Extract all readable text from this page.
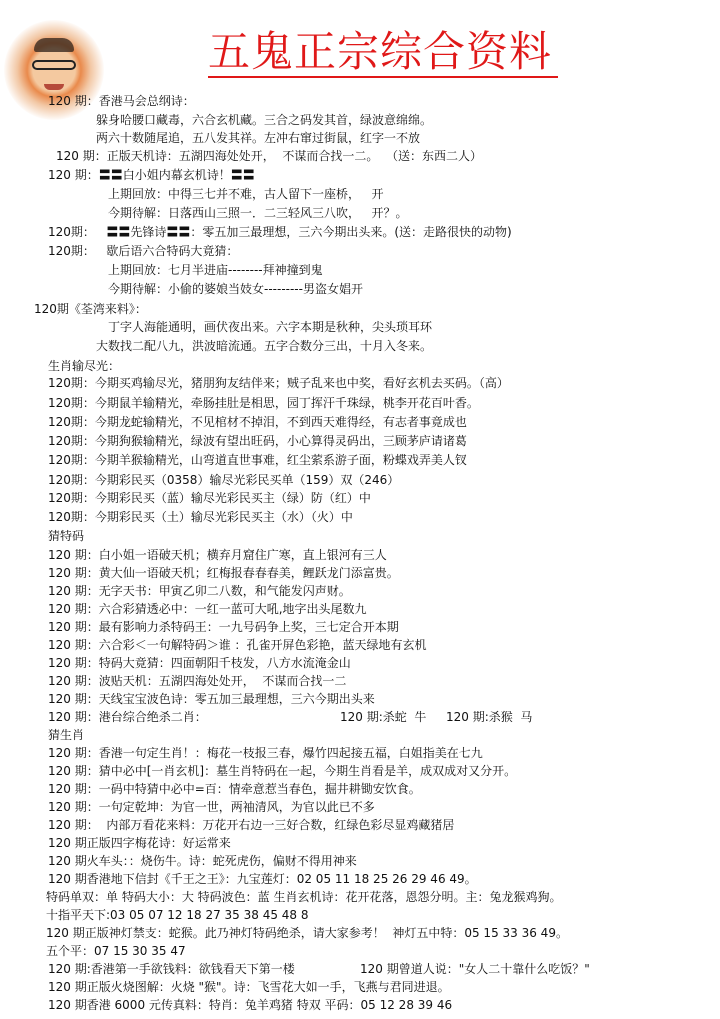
五鬼正宗综合资料
120 期：香港马会总纲诗：
躲身哈腰口藏毒，六合玄机藏。三合之码发其首，绿波意绵绵。
两六十数随尾追，五八发其祥。左冲右窜过街鼠，红字一不放
120 期：正版天机诗：五湖四海处处开，  不谋而合找一二。  （送：东西二人）
120 期：〓〓白小姐内幕玄机诗！〓〓
上期回放：中得三七并不难，古人留下一座桥，   开
今期待解：日落西山三照一．二三轻风三八吹，   开？。
120期：   〓〓先锋诗〓〓：零五加三最理想，三六今期出头来。(送：走路很快的动物)
120期：   歇后语六合特码大竟猜：
上期回放：七月半进庙--------拜神撞到鬼
今期待解：小偷的婆娘当妓女---------男盗女娼开
120期《荃湾来料》：
丁字人海能通明，画伏夜出来。六字本期是秋种，尖头琐耳环
大数找二配八九，洪波暗流通。五字合数分三出，十月入冬来。
生肖输尽光：
120期：今期买鸡输尽光，猪朋狗友结伴来；贼子乱来也中奖，看好玄机去买码。（高）
120期：今期鼠羊输精光，牵肠挂肚是相思，园丁挥汗千珠绿，桃李开花百叶香。
120期：今期龙蛇输精光，不见棺材不掉泪，不到西天难得经，有志者事竟成也
120期：今期狗猴输精光，绿波有望出旺码，小心算得灵码出，三顾茅庐请诸葛
120期：今期羊猴输精光，山弯道直世事难，红尘萦系游子面，粉蝶戏弄美人钗
120期：今期彩民买（0358）输尽光彩民买单（159）双（246）
120期：今期彩民买（蓝）输尽光彩民买主（绿）防（红）中
120期：今期彩民买（土）输尽光彩民买主（水）（火）中
猜特码
120 期：白小姐一语破天机；横弃月窟住广寒，直上银河有三人
120 期：黄大仙一语破天机；红梅报春春春美，鲤跃龙门添富贵。
120 期：无字天书：甲寅乙卯二八数，和气能发闪声财。
120 期：六合彩猜透必中：一红一蓝可大吼,地字出头尾数九
120 期：最有影响力杀特码王：一九号码争上奖，三七定合开本期
120 期：六合彩＜一句解特码＞谁 ：孔雀开屏色彩艳，蓝天绿地有玄机
120 期：特码大竟猜：四面朝阳千枝发，八方水流淹金山
120 期：波贴天机：五湖四海处处开，  不谋而合找一二
120 期：天线宝宝波色诗：零五加三最理想，三六今期出头来
120 期：港台综合绝杀二肖：	120 期:杀蛇  牛 120 期:杀猴  马
猜生肖
120 期：香港一句定生肖！：梅花一枝报三春，爆竹四起接五福，白姐指美在七九
120 期：猜中必中[一肖玄机]：墓生肖特码在一起，今期生肖看是羊，成双成对又分开。
120 期：一码中特猜中必中=百：情牵意惹当春色，掘井耕锄安饮食。
120 期：一句定乾坤：为官一世，两袖清风，为官以此已不多
120 期：  内部万看花来料：万花开右边一三好合数，红绿色彩尽显鸡藏猪居
120 期正版四字梅花诗：好运常来
120 期火车头：：烧伤牛。诗：蛇死虎伤，偏财不得用神来
120 期香港地下信封《千王之王》：九宝莲灯：02 05 11 18 25 26 29 46 49。
特码单双：单 特码大小：大 特码波色：蓝 生肖玄机诗：花开花落，恩怨分明。主：兔龙猴鸡狗。
十指平天下:03 05 07 12 18 27 35 38 45 48 8
120 期正版神灯禁支：蛇猴。此乃神灯特码绝杀，请大家参考！  神灯五中特：05 15 33 36 49。
五个平：07 15 30 35 47
120 期:香港第一手欲钱料：欲钱看天下第一楼	120 期曾道人说："女人二十靠什么吃饭？"
120 期正版火烧图解：火烧 "猴"。诗：飞雪花大如一手，飞燕与君同进退。
120 期香港 6000 元传真料：特肖：兔羊鸡猪 特双 平码：05 12 28 39 46
